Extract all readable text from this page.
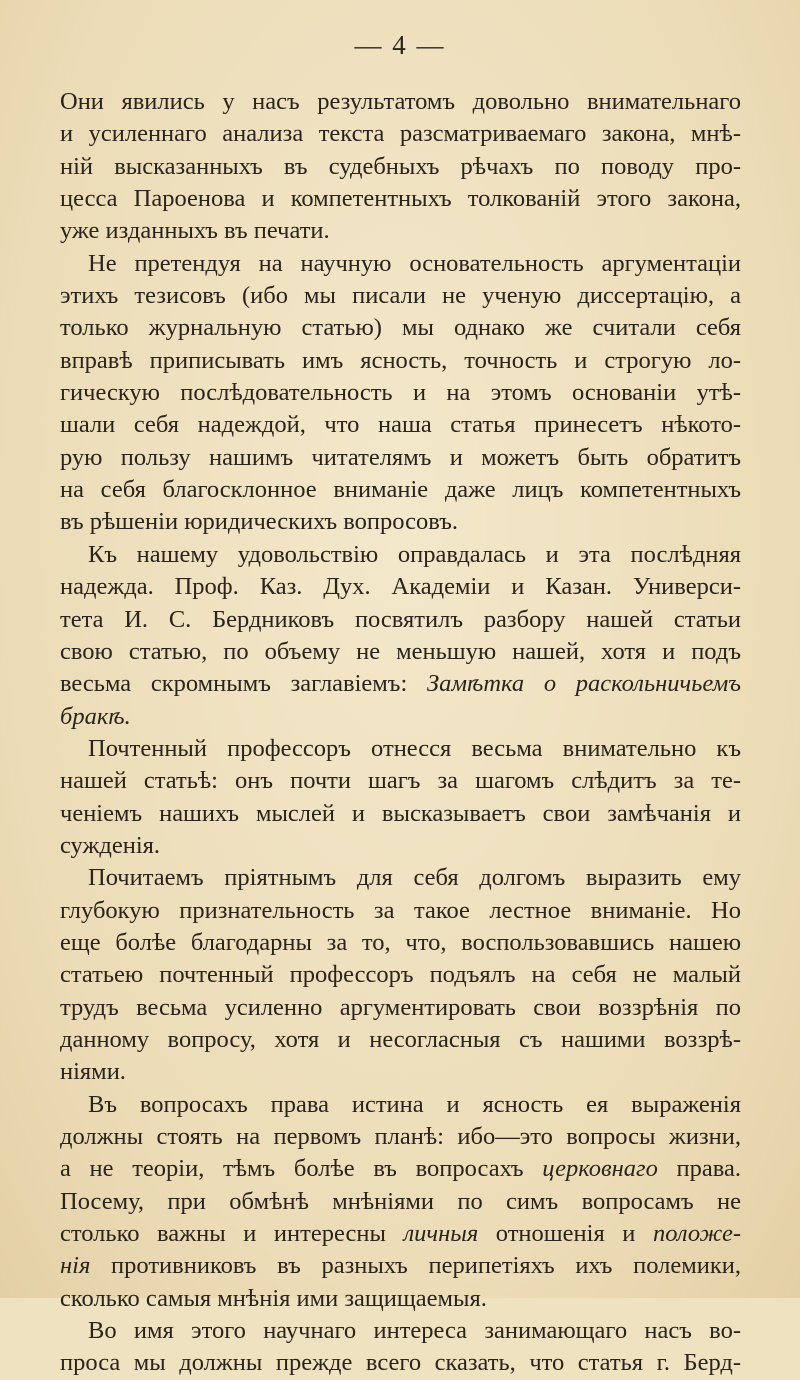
— 4 —
Они явились у насъ результатомъ довольно внимательнаго
и усиленнаго анализа текста разсматриваемаго закона, мнѣ-
ній высказанныхъ въ судебныхъ рѣчахъ по поводу про-
цесса Пароенова и компетентныхъ толкованій этого закона,
уже изданныхъ въ печати.
Не претендуя на научную основательность аргументаціи
этихъ тезисовъ (ибо мы писали не ученую диссертацію, а
только журнальную статью) мы однако же считали себя
вправѣ приписывать имъ ясность, точность и строгую ло-
гическую послѣдовательность и на этомъ основаніи утѣ-
шали себя надеждой, что наша статья принесетъ нѣкото-
рую пользу нашимъ читателямъ и можетъ быть обратитъ
на себя благосклонное вниманіе даже лицъ компетентныхъ
въ рѣшеніи юридическихъ вопросовъ.
Къ нашему удовольствію оправдалась и эта послѣдняя
надежда. Проф. Каз. Дух. Академіи и Казан. Универси-
тета И. С. Бердниковъ посвятилъ разбору нашей статьи
свою статью, по объему не меньшую нашей, хотя и подъ
весьма скромнымъ заглавіемъ: Замѣтка о раскольничьемъ
бракѣ.
Почтенный профессоръ отнесся весьма внимательно къ
нашей статьѣ: онъ почти шагъ за шагомъ слѣдитъ за те-
ченіемъ нашихъ мыслей и высказываетъ свои замѣчанія и
сужденія.
Почитаемъ пріятнымъ для себя долгомъ выразить ему
глубокую признательность за такое лестное вниманіе. Но
еще болѣе благодарны за то, что, воспользовавшись нашею
статьею почтенный профессоръ подъялъ на себя не малый
трудъ весьма усиленно аргументировать свои воззрѣнія по
данному вопросу, хотя и несогласныя съ нашими воззрѣ-
ніями.
Въ вопросахъ права истина и ясность ея выраженія
должны стоять на первомъ планѣ: ибо—это вопросы жизни,
а не теоріи, тѣмъ болѣе въ вопросахъ церковнаго права.
Посему, при обмѣнѣ мнѣніями по симъ вопросамъ не
столько важны и интересны личныя отношенія и положе-
нія противниковъ въ разныхъ перипетіяхъ ихъ полемики,
сколько самыя мнѣнія ими защищаемыя.
Во имя этого научнаго интереса занимающаго насъ во-
проса мы должны прежде всего сказать, что статья г. Берд-
